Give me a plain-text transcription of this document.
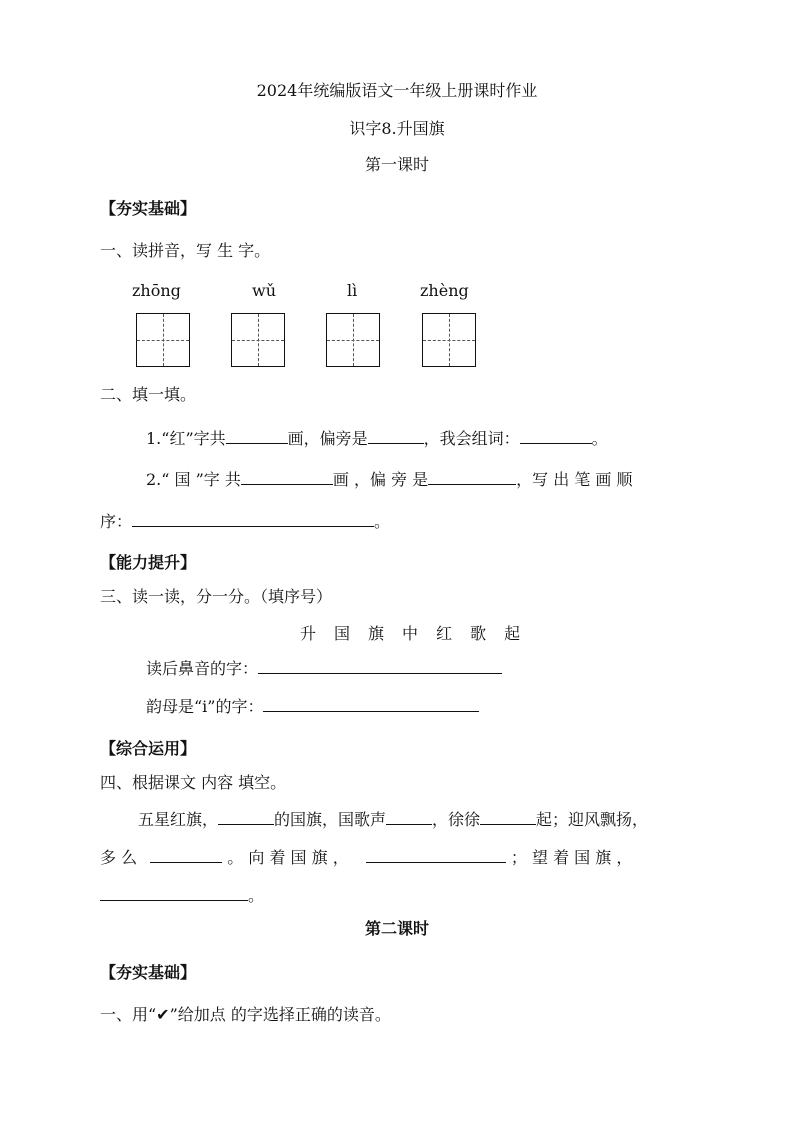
2024年统编版语文一年级上册课时作业
识字8.升国旗
第一课时
【夯实基础】
一、读拼音，写 生 字。
zhōng	wǔ	lì	zhèng
二、填一填。
1.“红”字共	画，偏旁是	，我会组词：	。
2.“ 国 ”字 共	画 ，偏 旁 是	，写 出 笔 画 顺
序：	。
【能力提升】
三、读一读，分一分。（填序号）
升 国 旗 中 红 歌 起
读后鼻音的字：
韵母是“i”的字：
【综合运用】
四、根据课文 内容 填空。
五星红旗，	的国旗，国歌声	，徐徐	起；迎风飘扬，
多 么	。 向 着 国 旗 ，	； 望 着 国 旗 ，
。
第二课时
【夯实基础】
一、用“✔”给加点 的字选择正确的读音。
